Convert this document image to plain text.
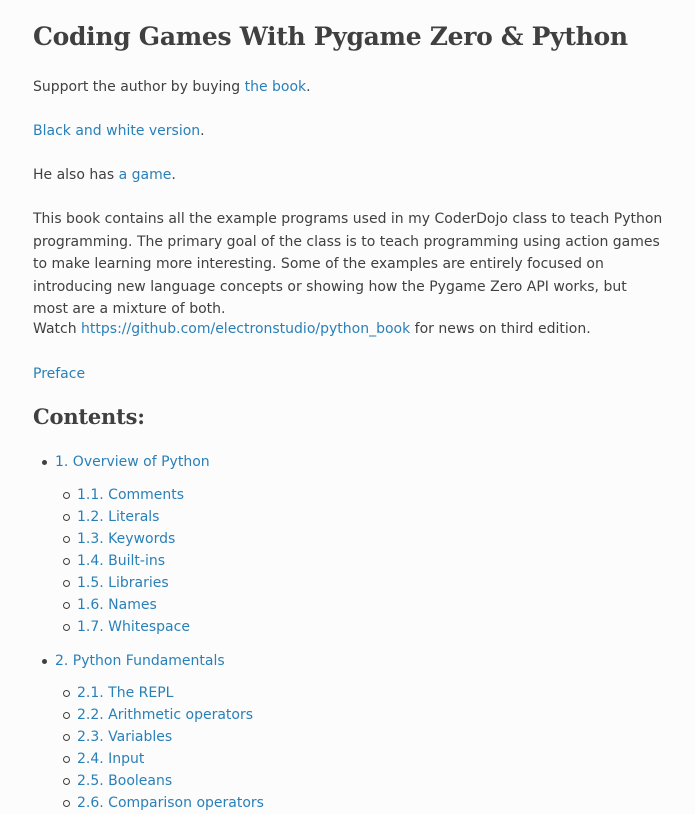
Coding Games With Pygame Zero & Python

Support the author by buying the book.

Black and white version.

He also has a game.

This book contains all the example programs used in my CoderDojo class to teach Python programming. The primary goal of the class is to teach programming using action games to make learning more interesting. Some of the examples are entirely focused on introducing new language concepts or showing how the Pygame Zero API works, but most are a mixture of both.

Watch https://github.com/electronstudio/python_book for news on third edition.

Preface

Contents:
1. Overview of Python
1.1. Comments
1.2. Literals
1.3. Keywords
1.4. Built-ins
1.5. Libraries
1.6. Names
1.7. Whitespace
2. Python Fundamentals
2.1. The REPL
2.2. Arithmetic operators
2.3. Variables
2.4. Input
2.5. Booleans
2.6. Comparison operators
